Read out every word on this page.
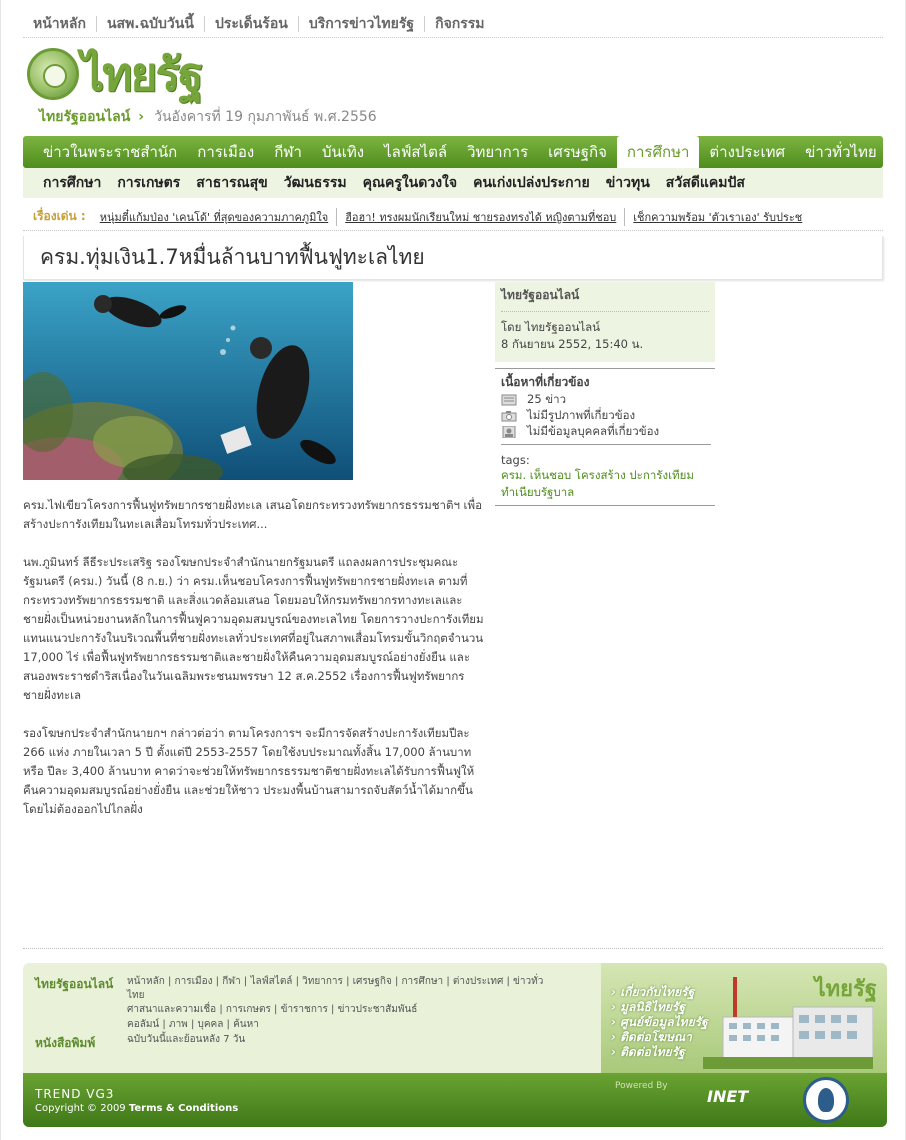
หน้าหลัก	นสพ.ฉบับวันนี้	ประเด็นร้อน	บริการข่าวไทยรัฐ	กิจกรรม
ไทยรัฐ
ไทยรัฐออนไลน์ › วันอังคารที่ 19 กุมภาพันธ์ พ.ศ.2556
ข่าวในพระราชสำนัก	การเมือง	กีฬา	บันเทิง	ไลฟ์สไตล์	วิทยาการ	เศรษฐกิจ	การศึกษา	ต่างประเทศ	ข่าวทั่วไทย
การศึกษา	การเกษตร	สาธารณสุข	วัฒนธรรม	คุณครูในดวงใจ	คนเก่งเปล่งประกาย	ข่าวทุน	สวัสดีแคมปัส
เรื่องเด่น :	หนุ่มตี๋แก้มป่อง 'เคนโด้' ที่สุดของความภาคภูมิใจ	ฮือฮา! ทรงผมนักเรียนใหม่ ชายรองทรงได้ หญิงตามที่ชอบ	เช็กความพร้อม 'ตัวเราเอง' รับประช
ครม.ทุ่มเงิน1.7หมื่นล้านบาทฟื้นฟูทะเลไทย

ครม.ไฟเขียวโครงการฟื้นฟูทรัพยากรชายฝั่งทะเล เสนอโดยกระทรวงทรัพยากรธรรมชาติฯ เพื่อสร้างปะการังเทียมในทะเลเสื่อมโทรมทั่วประเทศ...

นพ.ภูมินทร์ ลีธีระประเสริฐ รองโฆษกประจำสำนักนายกรัฐมนตรี แถลงผลการประชุมคณะรัฐมนตรี (ครม.) วันนี้ (8 ก.ย.) ว่า ครม.เห็นชอบโครงการฟื้นฟูทรัพยากรชายฝั่งทะเล ตามที่กระทรวงทรัพยากรธรรมชาติ และสิ่งแวดล้อมเสนอ โดยมอบให้กรมทรัพยากรทางทะเลและชายฝั่งเป็นหน่วยงานหลักในการฟื้นฟูความอุดมสมบูรณ์ของทะเลไทย โดยการวางปะการังเทียมแทนแนวปะการังในบริเวณพื้นที่ชายฝั่งทะเลทั่วประเทศที่อยู่ในสภาพเสื่อมโทรมขั้นวิกฤตจำนวน 17,000 ไร่ เพื่อฟื้นฟูทรัพยากรธรรมชาติและชายฝั่งให้คืนความอุดมสมบูรณ์อย่างยั่งยืน และสนองพระราชดำริสเนื่องในวันเฉลิมพระชนมพรรษา 12 ส.ค.2552 เรื่องการฟื้นฟูทรัพยากรชายฝั่งทะเล

รองโฆษกประจำสำนักนายกฯ กล่าวต่อว่า ตามโครงการฯ จะมีการจัดสร้างปะการังเทียมปีละ 266 แห่ง ภายในเวลา 5 ปี ตั้งแต่ปี 2553-2557 โดยใช้งบประมาณทั้งสิ้น 17,000 ล้านบาท หรือ ปีละ 3,400 ล้านบาท คาดว่าจะช่วยให้ทรัพยากรธรรมชาติชายฝั่งทะเลได้รับการฟื้นฟูให้คืนความอุดมสมบูรณ์อย่างยั่งยืน และช่วยให้ชาว ประมงพื้นบ้านสามารถจับสัตว์น้ำได้มากขึ้น โดยไม่ต้องออกไปไกลฝั่ง

ไทยรัฐออนไลน์
โดย ไทยรัฐออนไลน์
8 กันยายน 2552, 15:40 น.
เนื้อหาที่เกี่ยวข้อง
25 ข่าว
ไม่มีรูปภาพที่เกี่ยวข้อง
ไม่มีข้อมูลบุคคลที่เกี่ยวข้อง
tags:
ครม. เห็นชอบ โครงสร้าง ปะการังเทียม ทำเนียบรัฐบาล
ไทยรัฐออนไลน์ หน้าหลัก | การเมือง | กีฬา | ไลฟ์สไตล์ | วิทยาการ | เศรษฐกิจ | การศึกษา | ต่างประเทศ | ข่าวทั่วไทย
ศาสนาและความเชื่อ | การเกษตร | ข้าราชการ | ข่าวประชาสัมพันธ์
คอลัมน์ | ภาพ | บุคคล | ค้นหา
หนังสือพิมพ์	ฉบับวันนี้และย้อนหลัง 7 วัน
ไทยรัฐ
› เกี่ยวกับไทยรัฐ
› มูลนิธิไทยรัฐ
› ศูนย์ข้อมูลไทยรัฐ
› ติดต่อโฆษณา
› ติดต่อไทยรัฐ
TREND VG3
Copyright © 2009 Terms & Conditions
Powered By
INET
